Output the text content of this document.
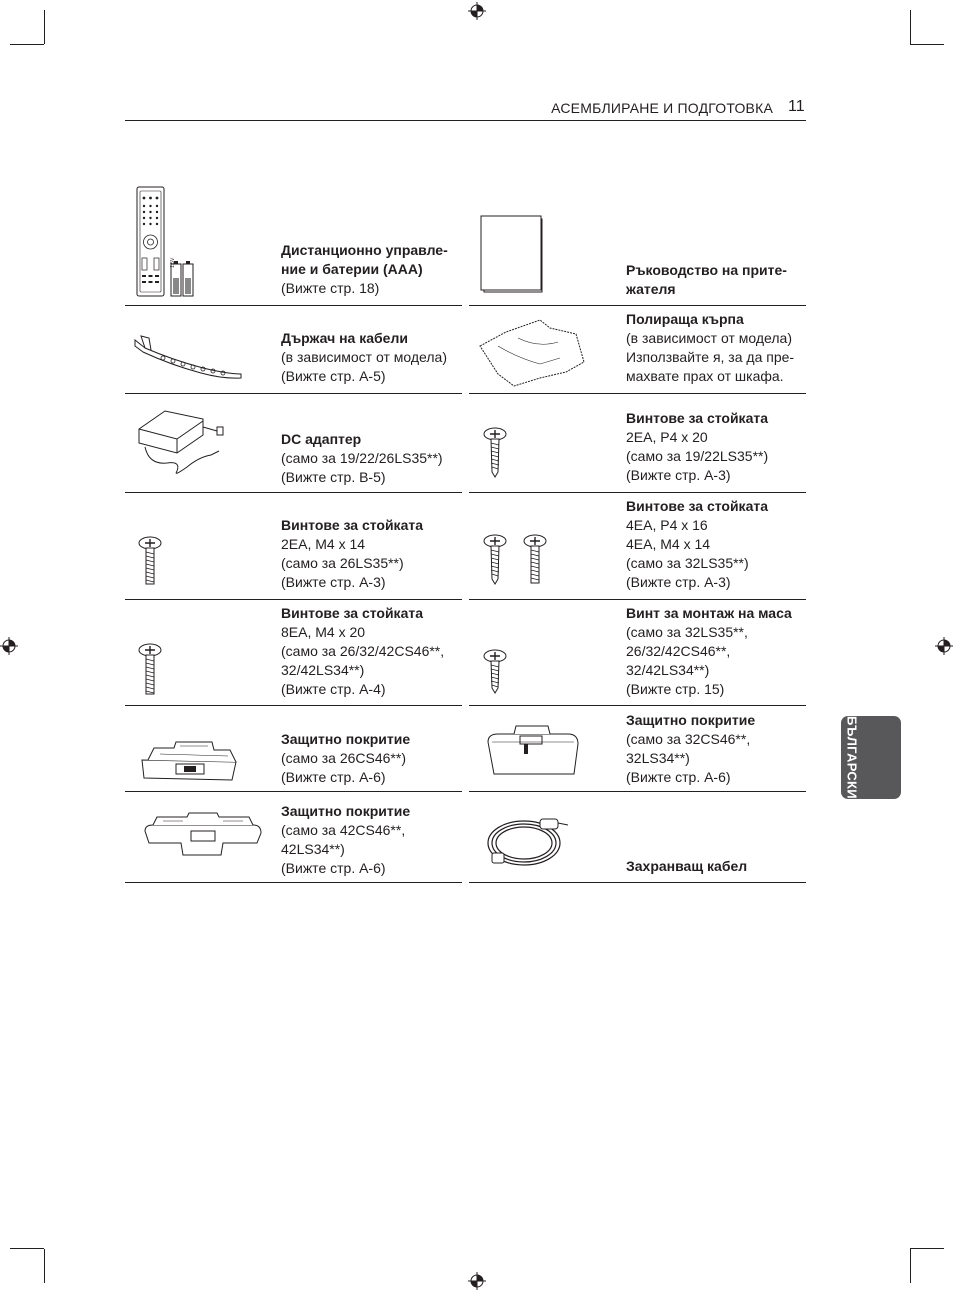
АСЕМБЛИРАНЕ И ПОДГОТОВКА 11
БЪЛГАРСКИ
1.5V
Дистанционно управле-
ние и батерии (AAA)
(Вижте стр. 18)
Ръководство на прите-
жателя
Държач на кабели
(в зависимост от модела)
(Вижте стр. A-5)
Полираща кърпа
(в зависимост от модела)
Използвайте я, за да пре-
махвате прах от шкафа.
DC адаптер
(само за 19/22/26LS35**)
(Вижте стр. B-5)
Винтове за стойката
2EA, P4 x 20
(само за 19/22LS35**)
(Вижте стр. A-3)
Винтове за стойката
2EA, M4 x 14
(само за 26LS35**)
(Вижте стр. A-3)
Винтове за стойката
4EA, P4 x 16
4EA, M4 x 14
(само за 32LS35**)
(Вижте стр. A-3)
Винтове за стойката
8EA, M4 x 20
(само за 26/32/42CS46**,
32/42LS34**)
(Вижте стр. A-4)
Винт за монтаж на маса
(само за 32LS35**,
26/32/42CS46**,
32/42LS34**)
(Вижте стр. 15)
Защитно покритие
(само за 26CS46**)
(Вижте стр. A-6)
Защитно покритие
(само за 32CS46**,
32LS34**)
(Вижте стр. A-6)
Защитно покритие
(само за 42CS46**,
42LS34**)
(Вижте стр. A-6)	Захранващ кабел
